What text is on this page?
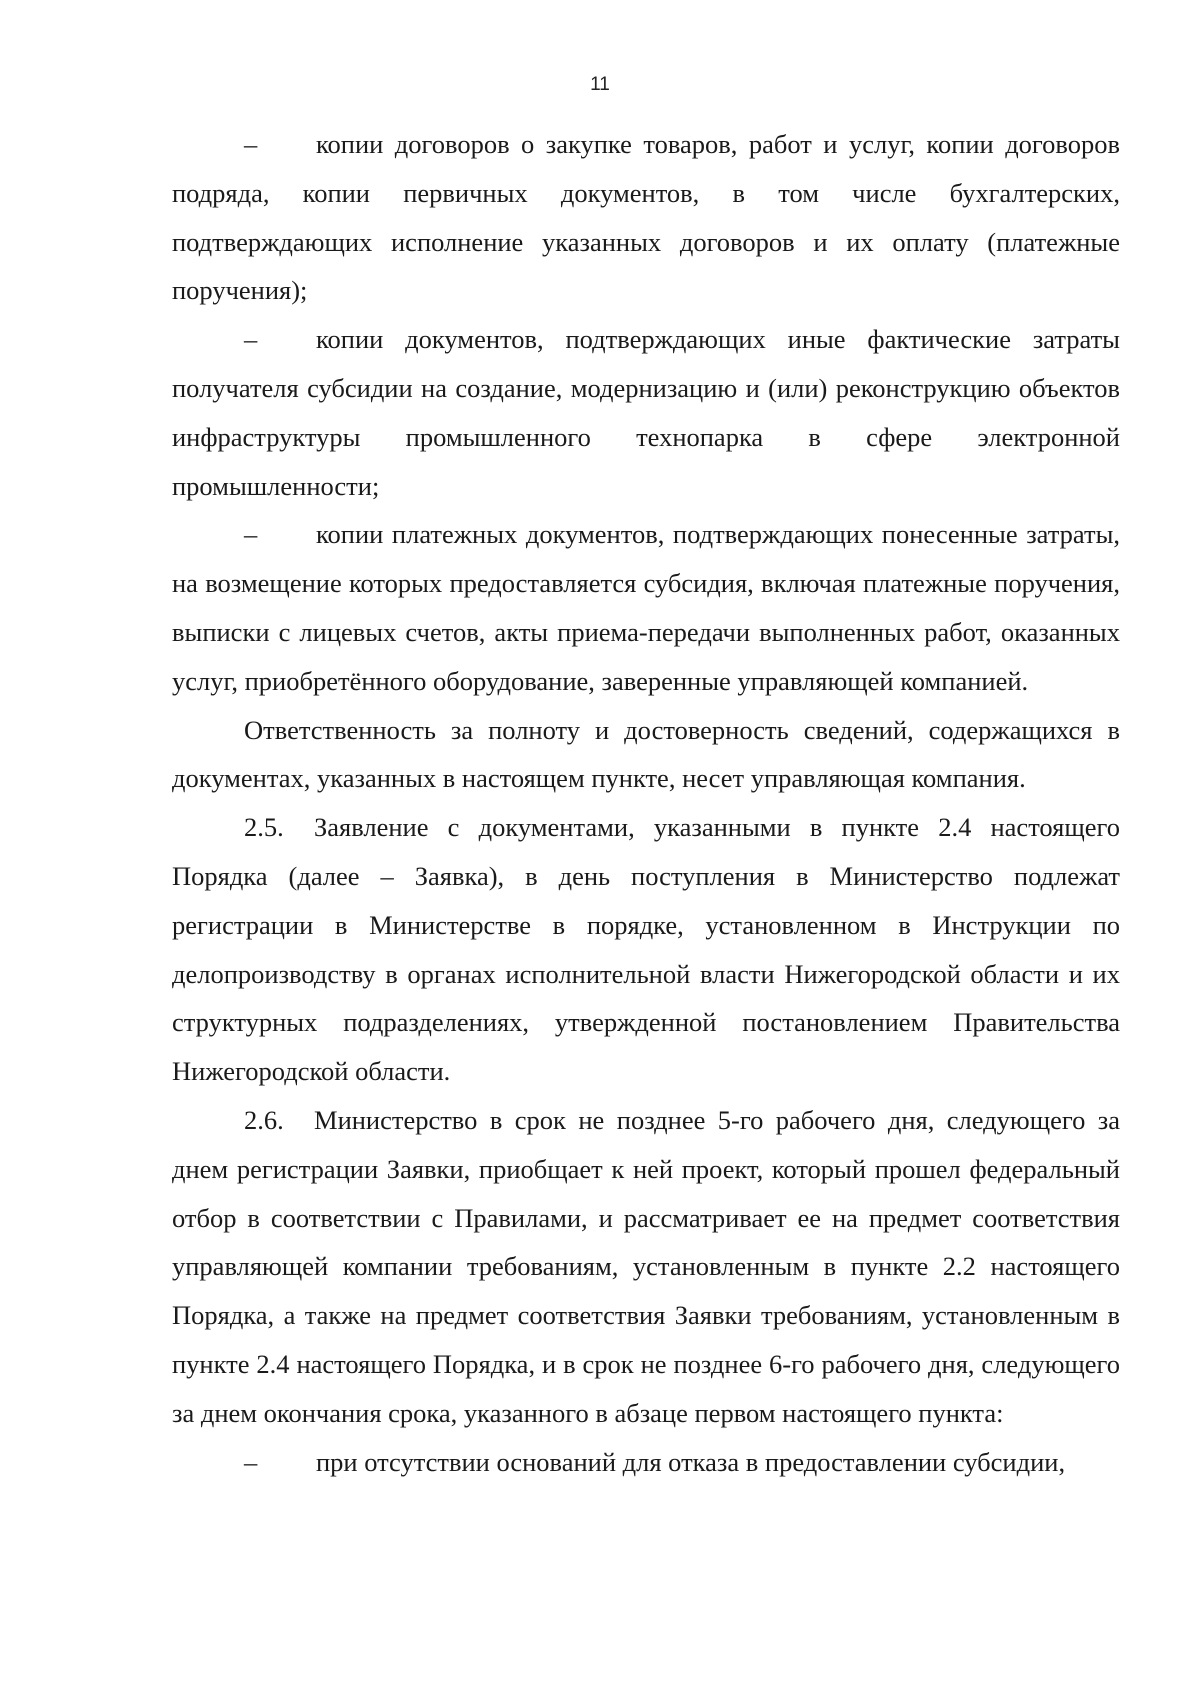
11

– копии договоров о закупке товаров, работ и услуг, копии договоров подряда, копии первичных документов, в том числе бухгалтерских, подтверждающих исполнение указанных договоров и их оплату (платежные поручения);

– копии документов, подтверждающих иные фактические затраты получателя субсидии на создание, модернизацию и (или) реконструкцию объектов инфраструктуры промышленного технопарка в сфере электронной промышленности;

– копии платежных документов, подтверждающих понесенные затраты, на возмещение которых предоставляется субсидия, включая платежные поручения, выписки с лицевых счетов, акты приема-передачи выполненных работ, оказанных услуг, приобретённого оборудование, заверенные управляющей компанией.

Ответственность за полноту и достоверность сведений, содержащихся в документах, указанных в настоящем пункте, несет управляющая компания.

2.5. Заявление с документами, указанными в пункте 2.4 настоящего Порядка (далее – Заявка), в день поступления в Министерство подлежат регистрации в Министерстве в порядке, установленном в Инструкции по делопроизводству в органах исполнительной власти Нижегородской области и их структурных подразделениях, утвержденной постановлением Правительства Нижегородской области.

2.6. Министерство в срок не позднее 5-го рабочего дня, следующего за днем регистрации Заявки, приобщает к ней проект, который прошел федеральный отбор в соответствии с Правилами, и рассматривает ее на предмет соответствия управляющей компании требованиям, установленным в пункте 2.2 настоящего Порядка, а также на предмет соответствия Заявки требованиям, установленным в пункте 2.4 настоящего Порядка, и в срок не позднее 6-го рабочего дня, следующего за днем окончания срока, указанного в абзаце первом настоящего пункта:

– при отсутствии оснований для отказа в предоставлении субсидии,
